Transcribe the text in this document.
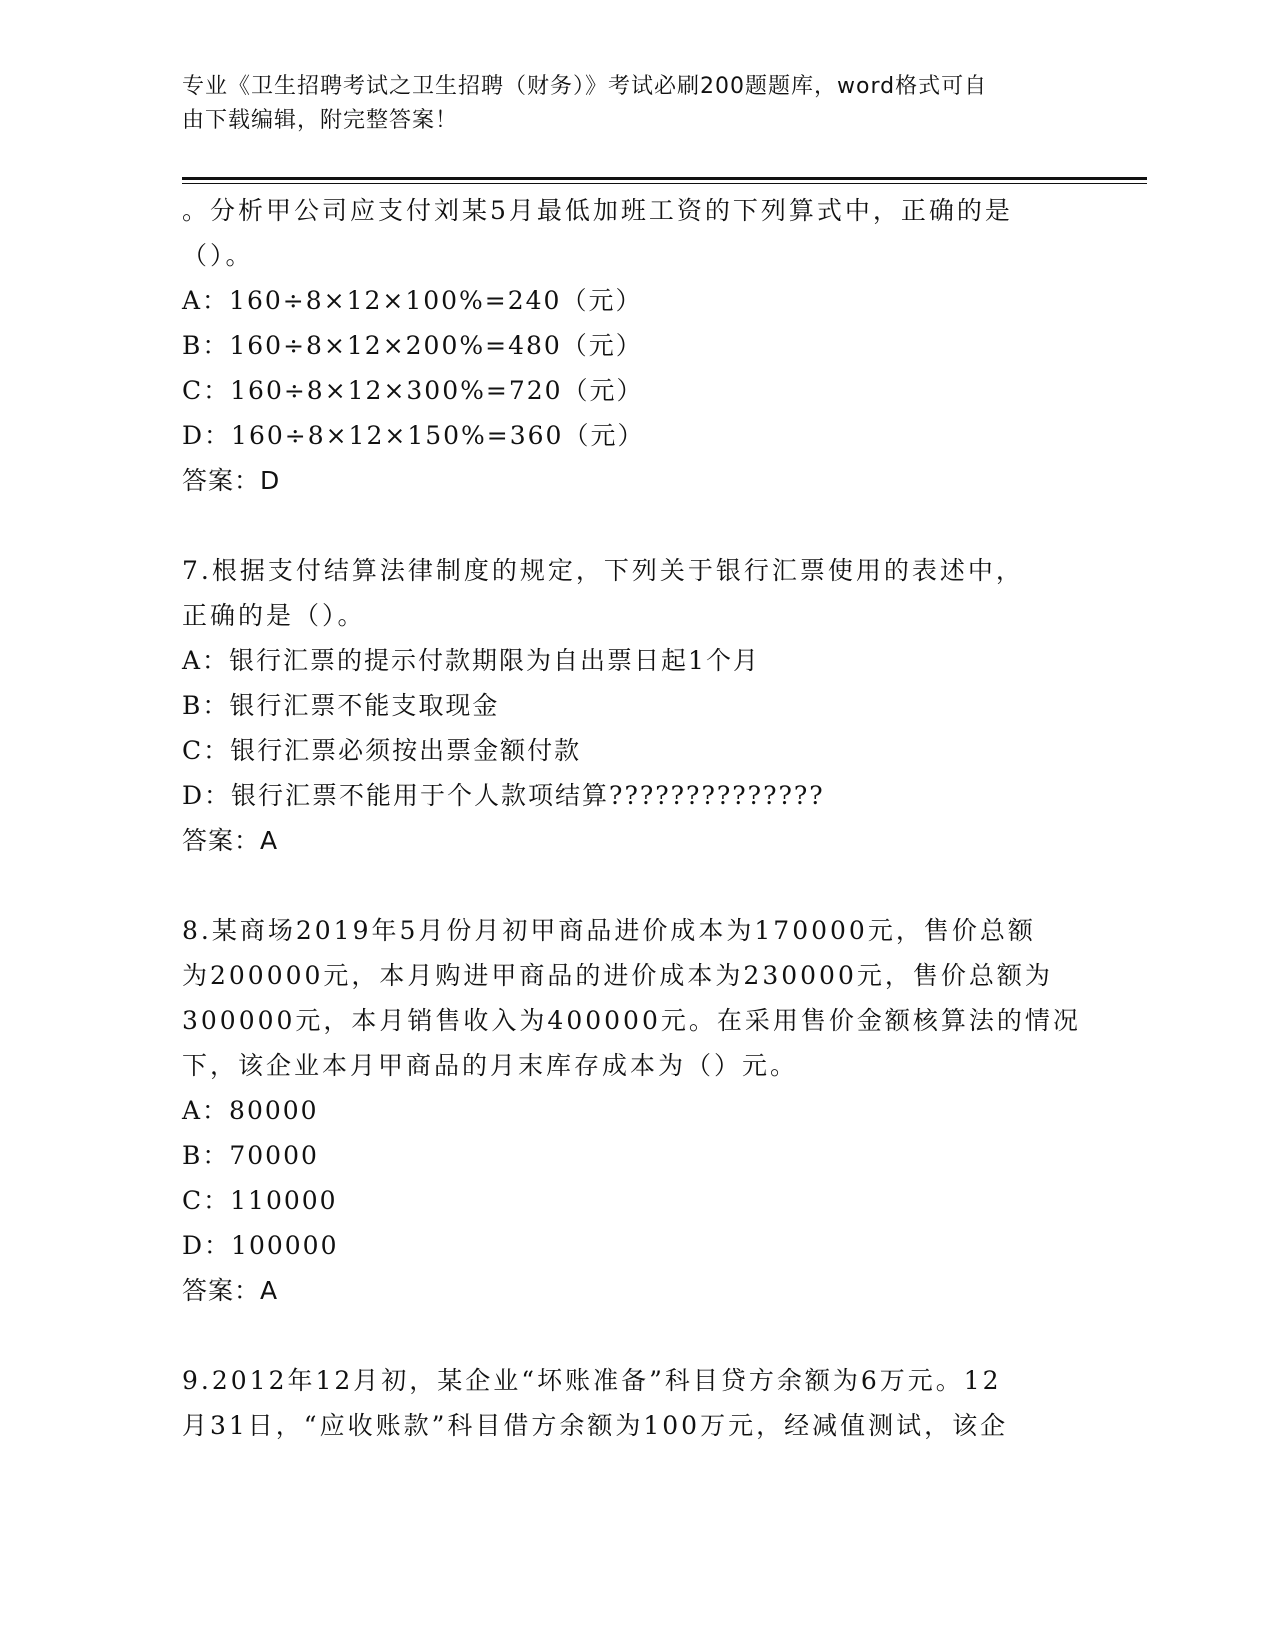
专业《卫生招聘考试之卫生招聘（财务）》考试必刷200题题库，word格式可自
由下载编辑，附完整答案！
。分析甲公司应支付刘某5月最低加班工资的下列算式中，正确的是
（）。
A：160÷8×12×100%=240（元）
B：160÷8×12×200%=480（元）
C：160÷8×12×300%=720（元）
D：160÷8×12×150%=360（元）
答案：D
7.根据支付结算法律制度的规定，下列关于银行汇票使用的表述中，
正确的是（）。
A：银行汇票的提示付款期限为自出票日起1个月
B：银行汇票不能支取现金
C：银行汇票必须按出票金额付款
D：银行汇票不能用于个人款项结算??????????????
答案：A
8.某商场2019年5月份月初甲商品进价成本为170000元，售价总额
为200000元，本月购进甲商品的进价成本为230000元，售价总额为
300000元，本月销售收入为400000元。在采用售价金额核算法的情况
下，该企业本月甲商品的月末库存成本为（）元。
A：80000
B：70000
C：110000
D：100000
答案：A
9.2012年12月初，某企业“坏账准备”科目贷方余额为6万元。12
月31日，“应收账款”科目借方余额为100万元，经减值测试，该企
